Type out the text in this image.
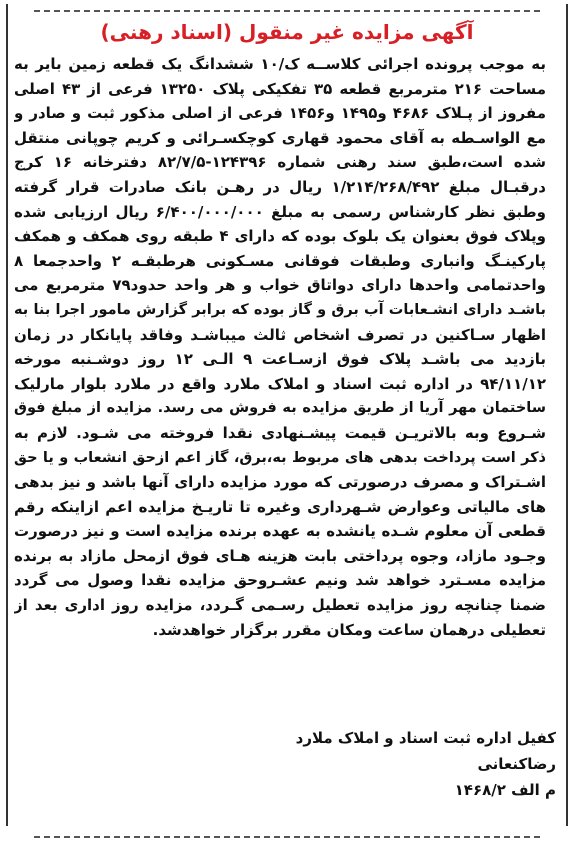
آگهی مزایده غیر منقول (اسناد رهنی)
به موجب پرونده اجرائی کلاســه ک/۱۰ ششدانگ یک قطعه زمین بایر به
مساحت ۲۱۶ مترمربع قطعه ۳۵ تفکیکی پلاک ۱۳۲۵۰ فرعی از ۴۳ اصلی
مفروز از پـلاک ۴۶۸۶ و۱۴۹۵ و۱۴۵۶ فرعی از اصلی مذکور ثبت و صادر و
مع الواسـطه به آقای محمود قهاری کوچکسـرائی و کریم چوپانی منتقل
شده است،طبق سند رهنی شماره ۱۲۴۳۹۶-۸۲/۷/۵ دفترخانه ۱۶ کرج
درقبـال مبلغ ۱/۲۱۴/۲۶۸/۴۹۲ ریال در رهـن بانک صادرات قرار گرفته
وطبق نظر کارشناس رسمی به مبلغ ۶/۴۰۰/۰۰۰/۰۰۰ ریال ارزیابی شده
وپلاک فوق بعنوان یک بلوک بوده که دارای ۴ طبقه روی همکف و همکف
پارکینـگ وانباری وطبقات فوقانی مسـکونی هرطبقـه ۲ واحدجمعا ۸
واحدتمامی واحدها دارای دواتاق خواب و هر واحد حدود۷۹ مترمربع می
باشـد دارای انشـعابات آب برق و گاز بوده که برابر گزارش مامور اجرا بنا به
اظهار سـاکنین در تصرف اشخاص ثالث میباشـد وفاقد پایانکار در زمان
بازدید می باشـد پلاک فوق ازسـاعت ۹ الـی ۱۲ روز دوشـنبه مورخه
۹۴/۱۱/۱۲ در اداره ثبت اسناد و املاک ملارد واقع در ملارد بلوار مارلیک
ساختمان مهر آریا از طریق مزایده به فروش می رسد. مزایده از مبلغ فوق
شـروع وبه بالاتریـن قیمت پیشـنهادی نقدا فروخته می شـود. لازم به
ذکر است پرداخت بدهی های مربوط به،برق، گاز اعم ازحق انشعاب و یا حق
اشـتراک و مصرف درصورتی که مورد مزایده دارای آنها باشد و نیز بدهی
های مالیاتی وعوارض شـهرداری وغیره تا تاریـخ مزایده اعم ازاینکه رقم
قطعی آن معلوم شـده یانشده به عهده برنده مزایده است و نیز درصورت
وجـود مازاد، وجوه پرداختی بابت هزینه هـای فوق ازمحل مازاد به برنده
مزایده مسـترد خواهد شد ونیم عشـروحق مزایده نقدا وصول می گردد
ضمنا چنانچه روز مزایده تعطیل رسـمی گـردد، مزایده روز اداری بعد از
تعطیلی درهمان ساعت ومکان مقرر برگزار خواهدشد.
کفیل اداره ثبت اسناد و املاک ملارد
رضاکنعانی
م الف ۱۴۶۸/۲
